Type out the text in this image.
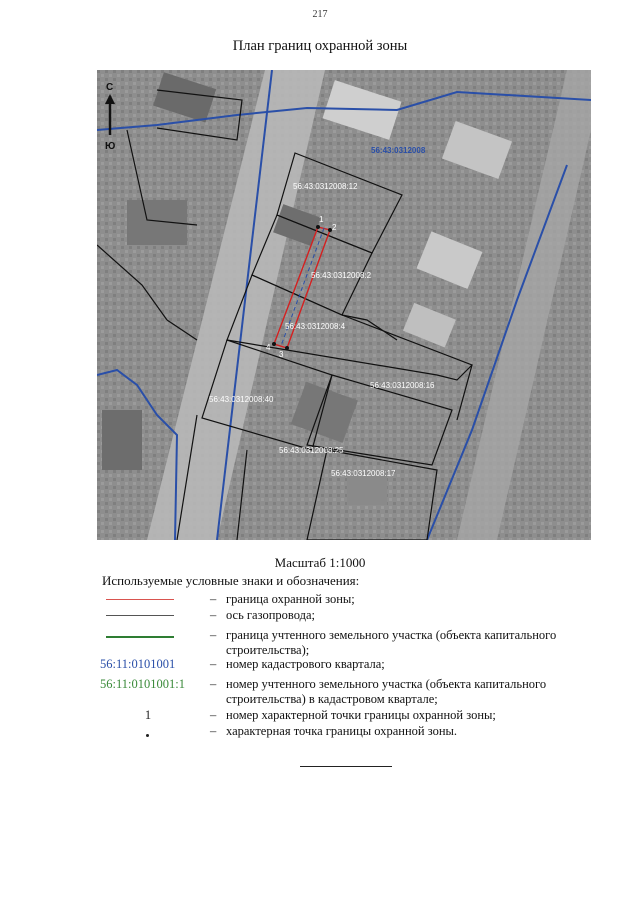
217
План границ охранной зоны
1
2
3
4
56:43:0312008
56:43:0312008:12
56:43:0312008:2
56:43:0312008:4
56:43:0312008:16
56:43:0312008:40
56:43:0312008:25
56:43:0312008:17
С
Ю
Масштаб 1:1000
Используемые условные знаки и обозначения:
– граница охранной зоны;
– ось газопровода;
– граница учтенного земельного участка (объекта капитального строительства);
56:11:0101001	– номер кадастрового квартала;
56:11:0101001:1 – номер учтенного земельного участка (объекта капитального строительства) в кадастровом квартале;
1	– номер характерной точки границы охранной зоны;
– характерная точка границы охранной зоны.
